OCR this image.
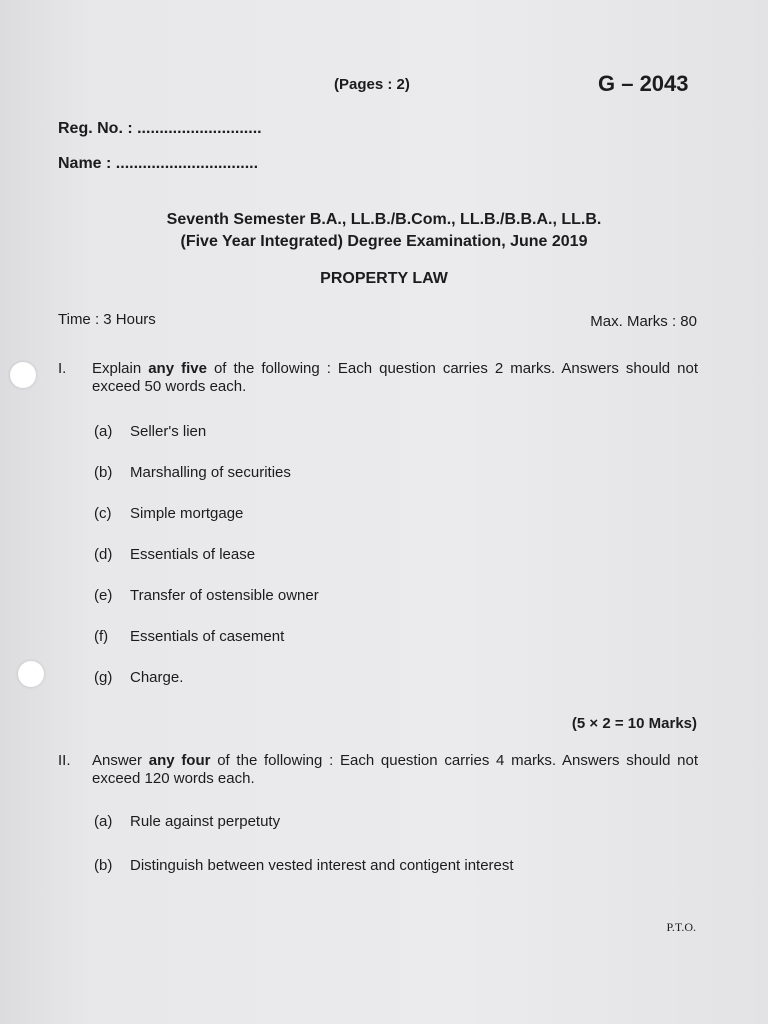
(Pages : 2)	G – 2043
Reg. No. : ............................
Name : ................................
Seventh Semester B.A., LL.B./B.Com., LL.B./B.B.A., LL.B.
(Five Year Integrated) Degree Examination, June 2019
PROPERTY LAW
Time : 3 Hours	Max. Marks : 80
I. Explain any five of the following : Each question carries 2 marks. Answers should not exceed 50 words each.
(a) Seller's lien
(b) Marshalling of securities
(c) Simple mortgage
(d) Essentials of lease
(e) Transfer of ostensible owner
(f) Essentials of casement
(g) Charge.
(5 × 2 = 10 Marks)
II. Answer any four of the following : Each question carries 4 marks. Answers should not exceed 120 words each.
(a) Rule against perpetuty
(b) Distinguish between vested interest and contigent interest
P.T.O.
